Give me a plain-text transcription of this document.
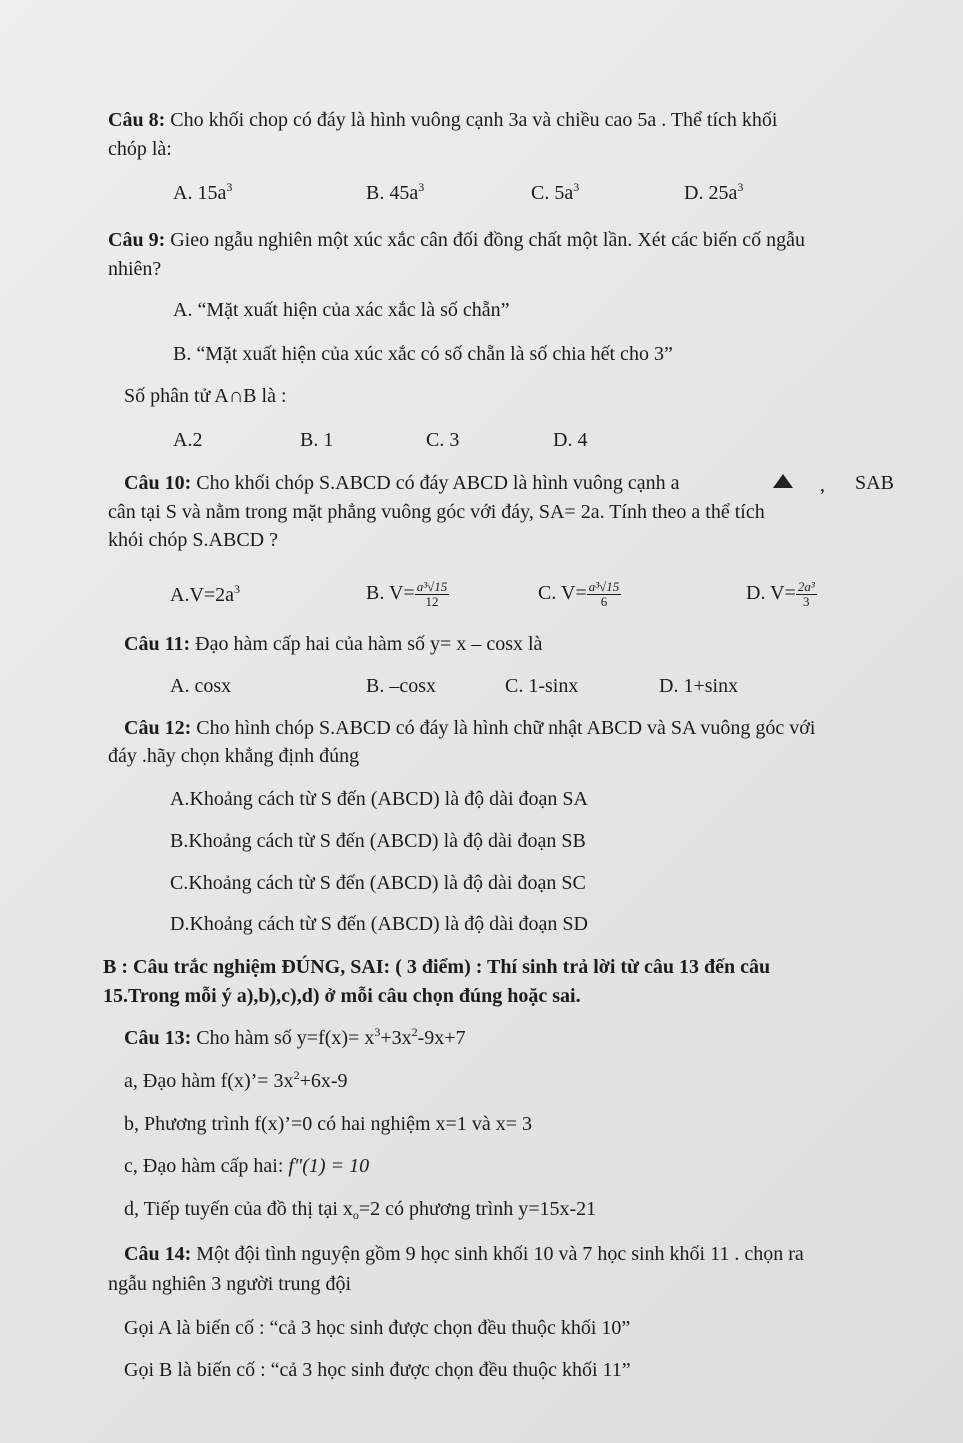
Câu 8: Cho khối chop có đáy là hình vuông cạnh 3a và chiều cao 5a . Thể tích khối
chóp là:
A. $15a^3$	B. $45a^3$	C. $5a^3$	D. $25a^3$
Câu 9: Gieo ngẫu nghiên một xúc xắc cân đối đồng chất một lần. Xét các biến cố ngẫu
nhiên?
A. “Mặt xuất hiện của xác xắc là số chẵn”
B. “Mặt xuất hiện của xúc xắc có số chẵn là số chia hết cho 3”
Số phân tử A∩B là :
A.2	B. 1	C. 3	D. 4
Câu 10: Cho khối chóp S.ABCD có đáy ABCD là hình vuông cạnh a	, SAB
cân tại S và nằm trong mặt phẳng vuông góc với đáy, SA= 2a. Tính theo a thể tích
khói chóp S.ABCD ?
$A.V=2a^3$	B. $V= \frac{\text{a³√15}}{12}$	C. $V= \frac{\text{a³√15}}{6}$	D. $V= \frac{\text{2a³}}{3}$
Câu 11: Đạo hàm cấp hai của hàm số y= x – cosx là
A. cosx	B. –cosx	C. 1-sinx	D. 1+sinx
Câu 12: Cho hình chóp S.ABCD có đáy là hình chữ nhật ABCD và SA vuông góc với
đáy .hãy chọn khẳng định đúng
A.Khoảng cách từ S đến (ABCD) là độ dài đoạn SA
B.Khoảng cách từ S đến (ABCD) là độ dài đoạn SB
C.Khoảng cách từ S đến (ABCD) là độ dài đoạn SC
D.Khoảng cách từ S đến (ABCD) là độ dài đoạn SD
B : Câu trắc nghiệm ĐÚNG, SAI: ( 3 điểm) : Thí sinh trả lời từ câu 13 đến câu
15.Trong mỗi ý a),b),c),d) ở mỗi câu chọn đúng hoặc sai.
Câu 13: Cho hàm số $y=f(x)= x^3+3x^2-9x+7$
a, Đạo hàm f(x)’= $3x^2+6x-9$
b, Phương trình f(x)’=0 có hai nghiệm x=1 và x= 3
c, Đạo hàm cấp hai: f″(1) = 10
d, Tiếp tuyến của đồ thị tại $x_o=2$ có phương trình y=15x-21
Câu 14: Một đội tình nguyện gồm 9 học sinh khối 10 và 7 học sinh khối 11 . chọn ra
ngẫu nghiên 3 người trung đội
Gọi A là biến cố : “cả 3 học sinh được chọn đều thuộc khối 10”
Gọi B là biến cố : “cả 3 học sinh được chọn đều thuộc khối 11”
